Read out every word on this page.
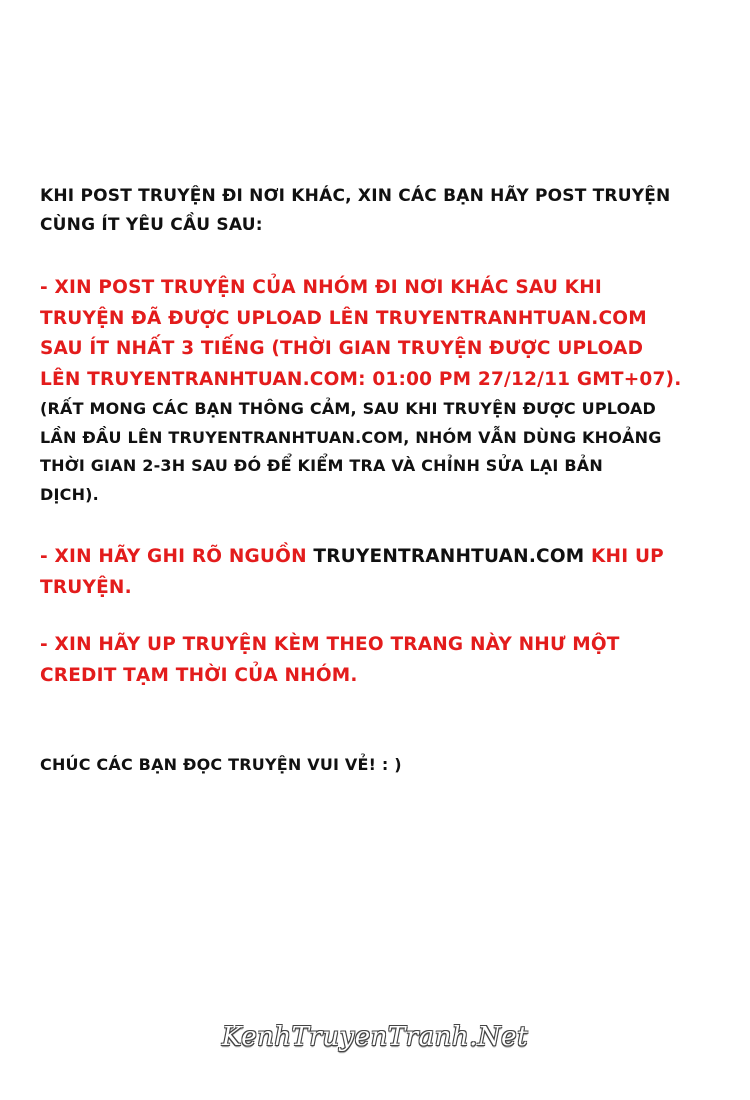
KHI POST TRUYỆN ĐI NƠI KHÁC, XIN CÁC BẠN HÃY POST TRUYỆN
CÙNG ÍT YÊU CẦU SAU:
- XIN POST TRUYỆN CỦA NHÓM ĐI NƠI KHÁC SAU KHI
TRUYỆN ĐÃ ĐƯỢC UPLOAD LÊN TRUYENTRANHTUAN.COM
SAU ÍT NHẤT 3 TIẾNG (THỜI GIAN TRUYỆN ĐƯỢC UPLOAD
LÊN TRUYENTRANHTUAN.COM: 01:00 PM 27/12/11 GMT+07).
(RẤT MONG CÁC BẠN THÔNG CẢM, SAU KHI TRUYỆN ĐƯỢC UPLOAD
LẦN ĐẦU LÊN TRUYENTRANHTUAN.COM, NHÓM VẪN DÙNG KHOẢNG
THỜI GIAN 2-3H SAU ĐÓ ĐỂ KIỂM TRA VÀ CHỈNH SỬA LẠI BẢN
DỊCH).
- XIN HÃY GHI RÕ NGUỒN TRUYENTRANHTUAN.COM KHI UP
TRUYỆN.
- XIN HÃY UP TRUYỆN KÈM THEO TRANG NÀY NHƯ MỘT
CREDIT TẠM THỜI CỦA NHÓM.
CHÚC CÁC BẠN ĐỌC TRUYỆN VUI VẺ! : )
KenhTruyenTranh.Net
